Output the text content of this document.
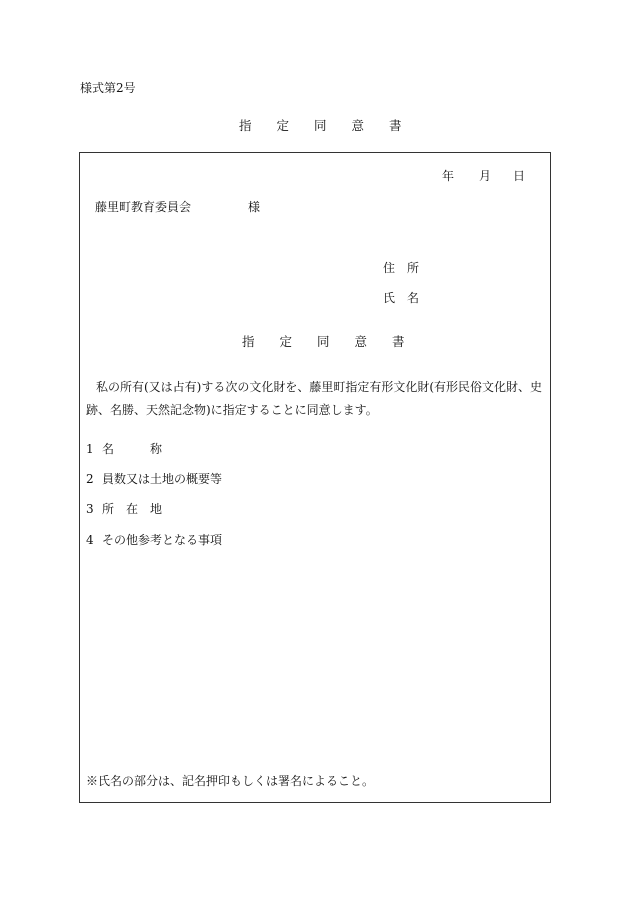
様式第2号
指　　定　　同　　意　　書
年 月 日
藤里町教育委員会	様
住　所
氏　名
指　　定　　同　　意　　書
私の所有(又は占有)する次の文化財を、藤里町指定有形文化財(有形民俗文化財、史
跡、名勝、天然記念物)に指定することに同意します。
1 名　　　称
2 員数又は土地の概要等
3 所　在　地
4 その他参考となる事項
※氏名の部分は、記名押印もしくは署名によること。
